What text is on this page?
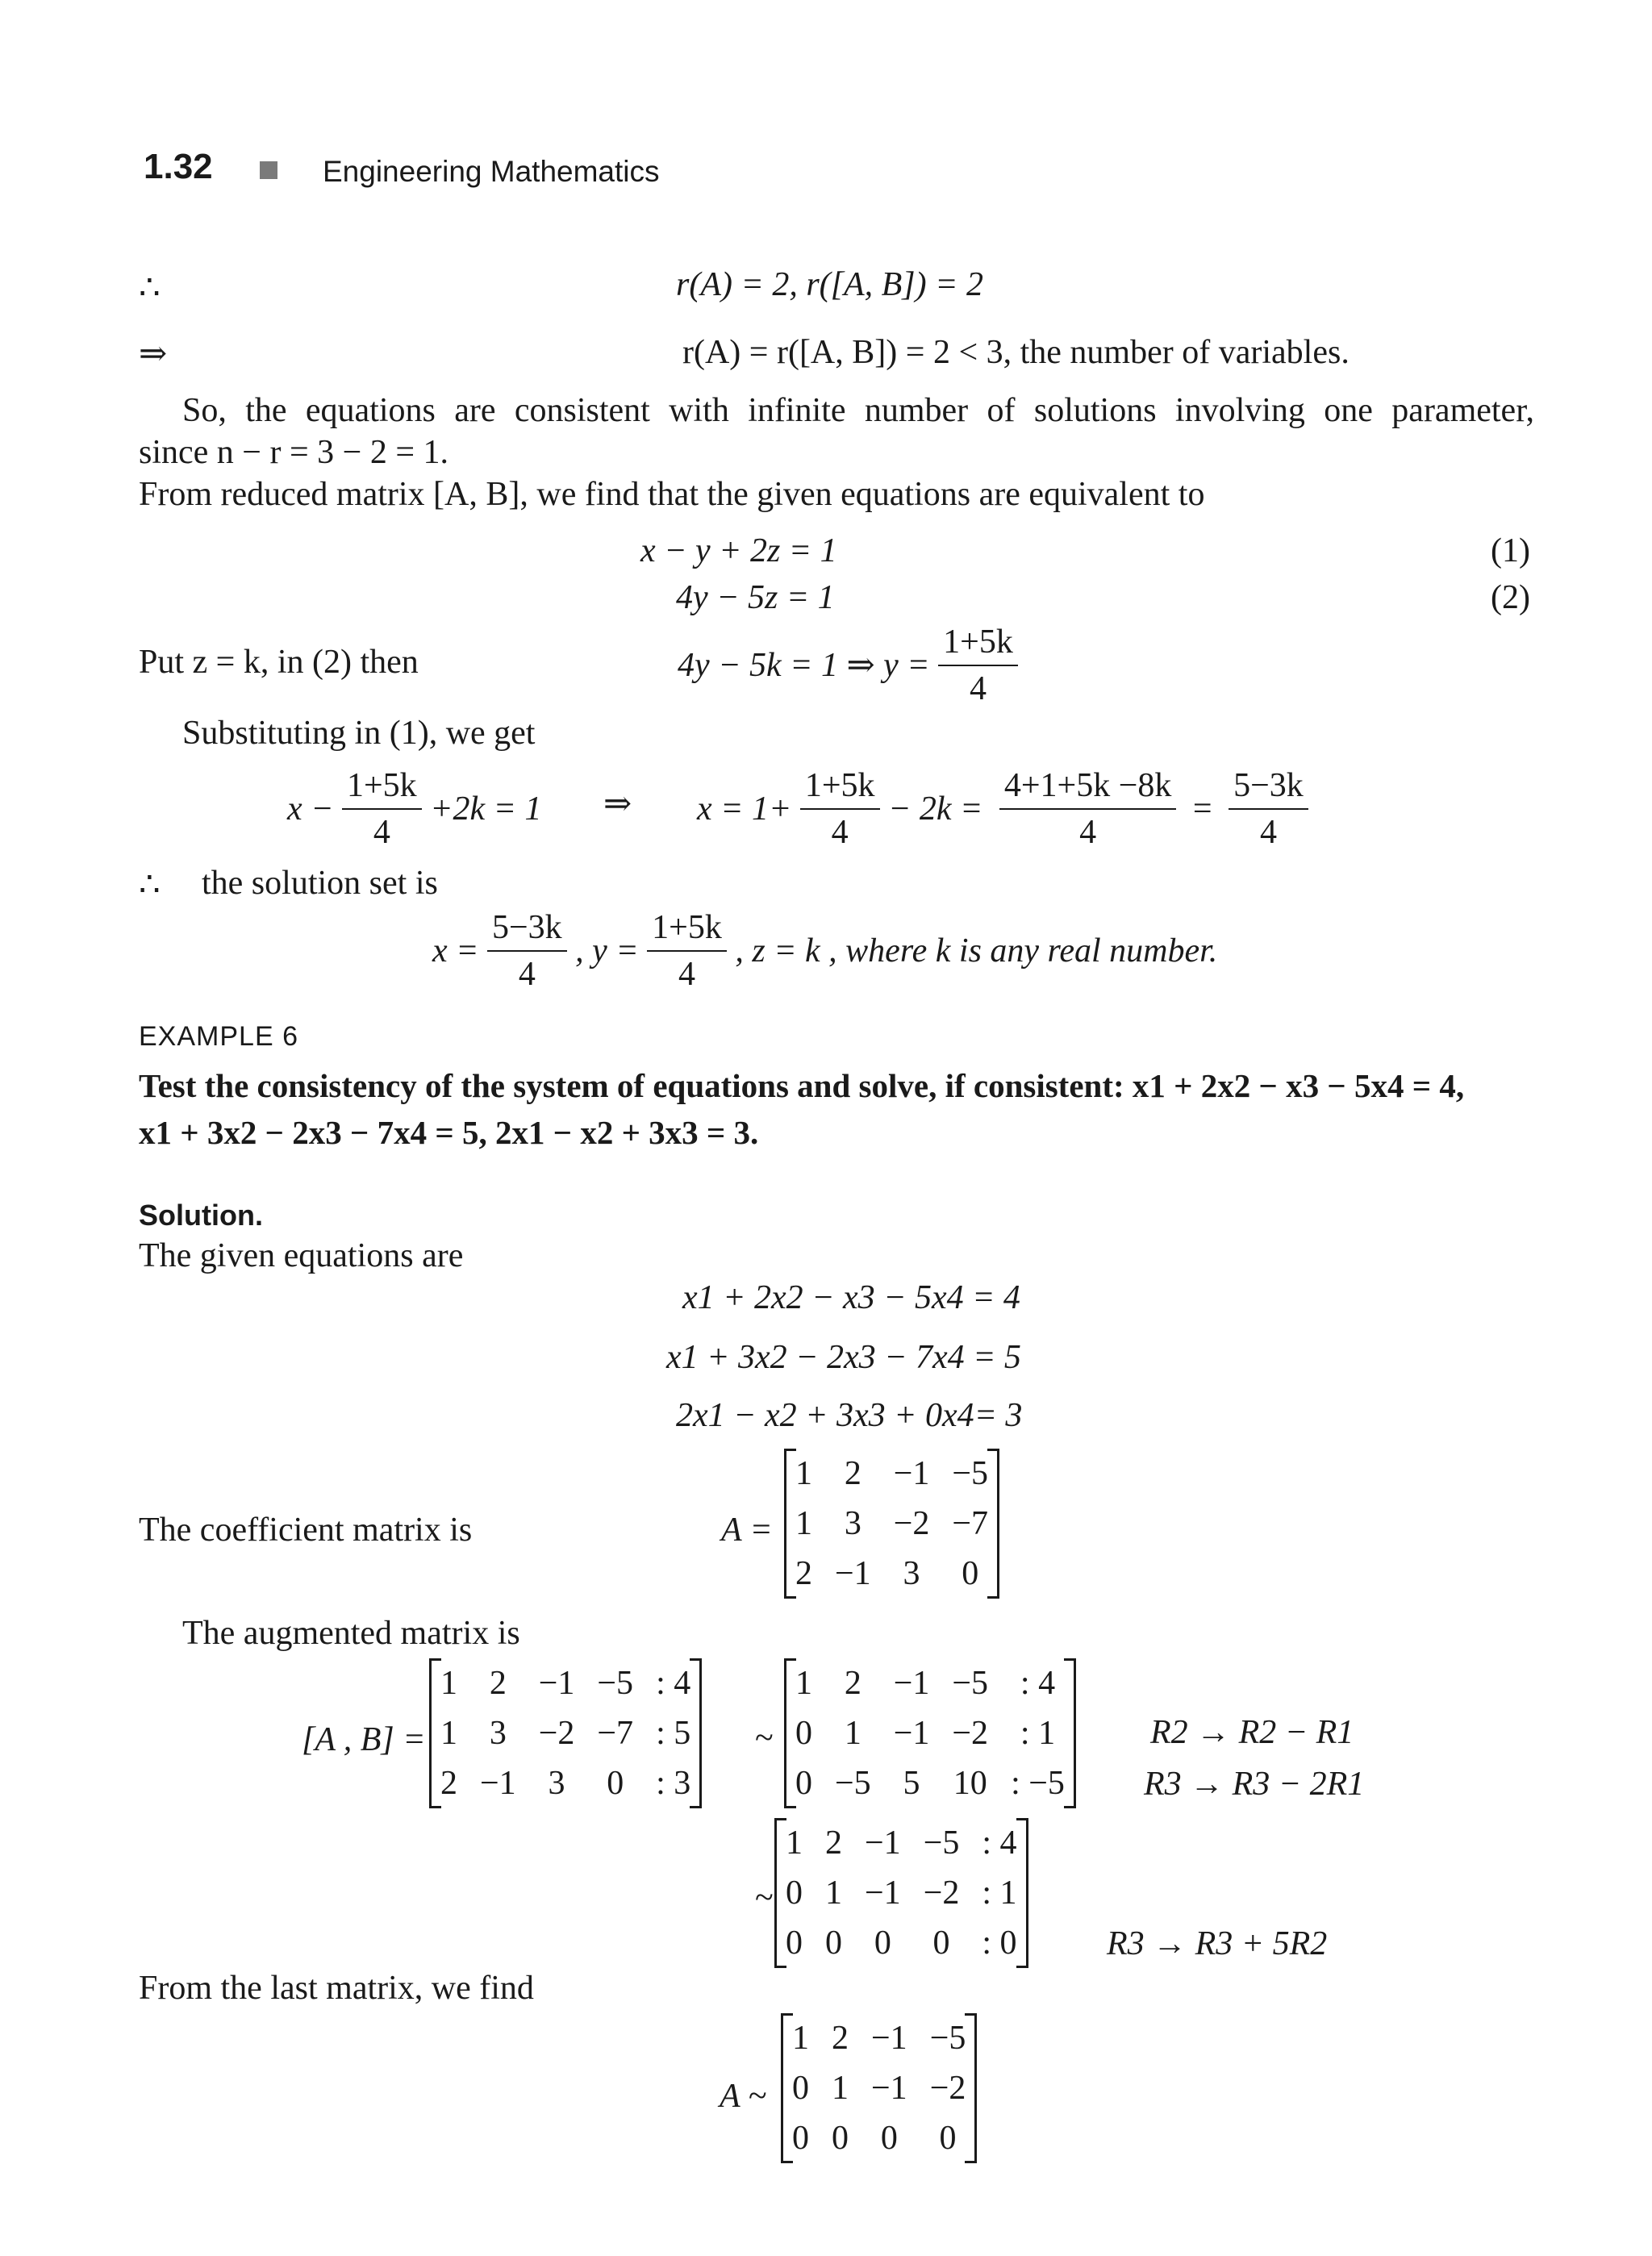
1.32	Engineering Mathematics
∴	r(A) = 2, r([A, B]) = 2
⇒	r(A) = r([A, B]) = 2 < 3, the number of variables.
So, the equations are consistent with infinite number of solutions involving one parameter,
since n − r = 3 − 2 = 1.
From reduced matrix [A, B], we find that the given equations are equivalent to
x − y + 2z = 1	(1)
4y − 5z = 1	(2)
Put z = k, in (2) then	4y − 5k = 1 ⇒ $y = \frac{1+5k}{4}$
Substituting in (1), we get
$x - \frac{1+5k}{4} +2k = 1$ ⇒ $x = 1+ \frac{1+5k}{4} - 2k = \frac{4+1+5k -8k}{4} = \frac{5-3k}{4}$
∴ the solution set is
$x = \frac{5-3k}{4}$ , $y = \frac{1+5k}{4}$ , z = k , where k is any real number.
EXAMPLE 6
Test the consistency of the system of equations and solve, if consistent: x1 + 2x2 − x3 − 5x4 = 4,
x1 + 3x2 − 2x3 − 7x4 = 5, 2x1 − x2 + 3x3 = 3.
Solution.
The given equations are
x1 + 2x2 − x3 − 5x4 = 4
x1 + 3x2 − 2x3 − 7x4 = 5
2x1 − x2 + 3x3 + 0x4= 3
The coefficient matrix is	A =
1	2	−1	−5
1	3	−2	−7
2	−1	3	0
The augmented matrix is
[A , B] =
1	2	−1	−5	: 4
1	3	−2	−7	: 5
2	−1	3	0	: 3
~
1	2	−1	−5	: 4
0	1	−1	−2	: 1
0	−5	5	10	: −5
R2 → R2 − R1
R3 → R3 − 2R1
~
1	2	−1	−5	: 4
0	1	−1	−2	: 1
0	0	0	0	: 0	R3 → R3 + 5R2
From the last matrix, we find
A ~
1	2	−1	−5
0	1	−1	−2
0	0	0	0
